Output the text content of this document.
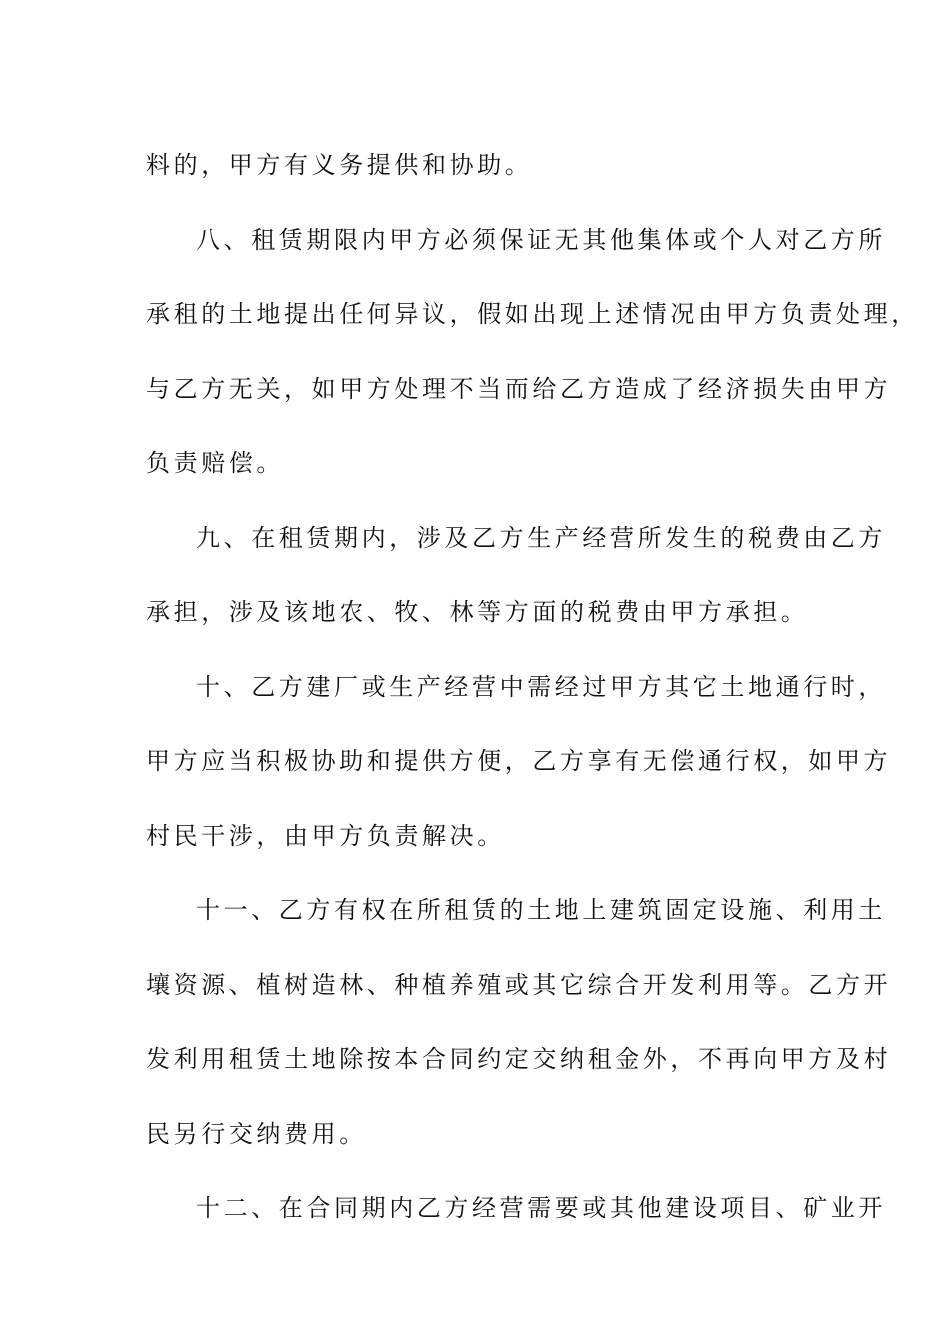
料的，甲方有义务提供和协助。
八、租赁期限内甲方必须保证无其他集体或个人对乙方所
承租的土地提出任何异议，假如出现上述情况由甲方负责处理，
与乙方无关，如甲方处理不当而给乙方造成了经济损失由甲方
负责赔偿。
九、在租赁期内，涉及乙方生产经营所发生的税费由乙方
承担，涉及该地农、牧、林等方面的税费由甲方承担。
十、乙方建厂或生产经营中需经过甲方其它土地通行时，
甲方应当积极协助和提供方便，乙方享有无偿通行权，如甲方
村民干涉，由甲方负责解决。
十一、乙方有权在所租赁的土地上建筑固定设施、利用土
壤资源、植树造林、种植养殖或其它综合开发利用等。乙方开
发利用租赁土地除按本合同约定交纳租金外，不再向甲方及村
民另行交纳费用。
十二、在合同期内乙方经营需要或其他建设项目、矿业开
